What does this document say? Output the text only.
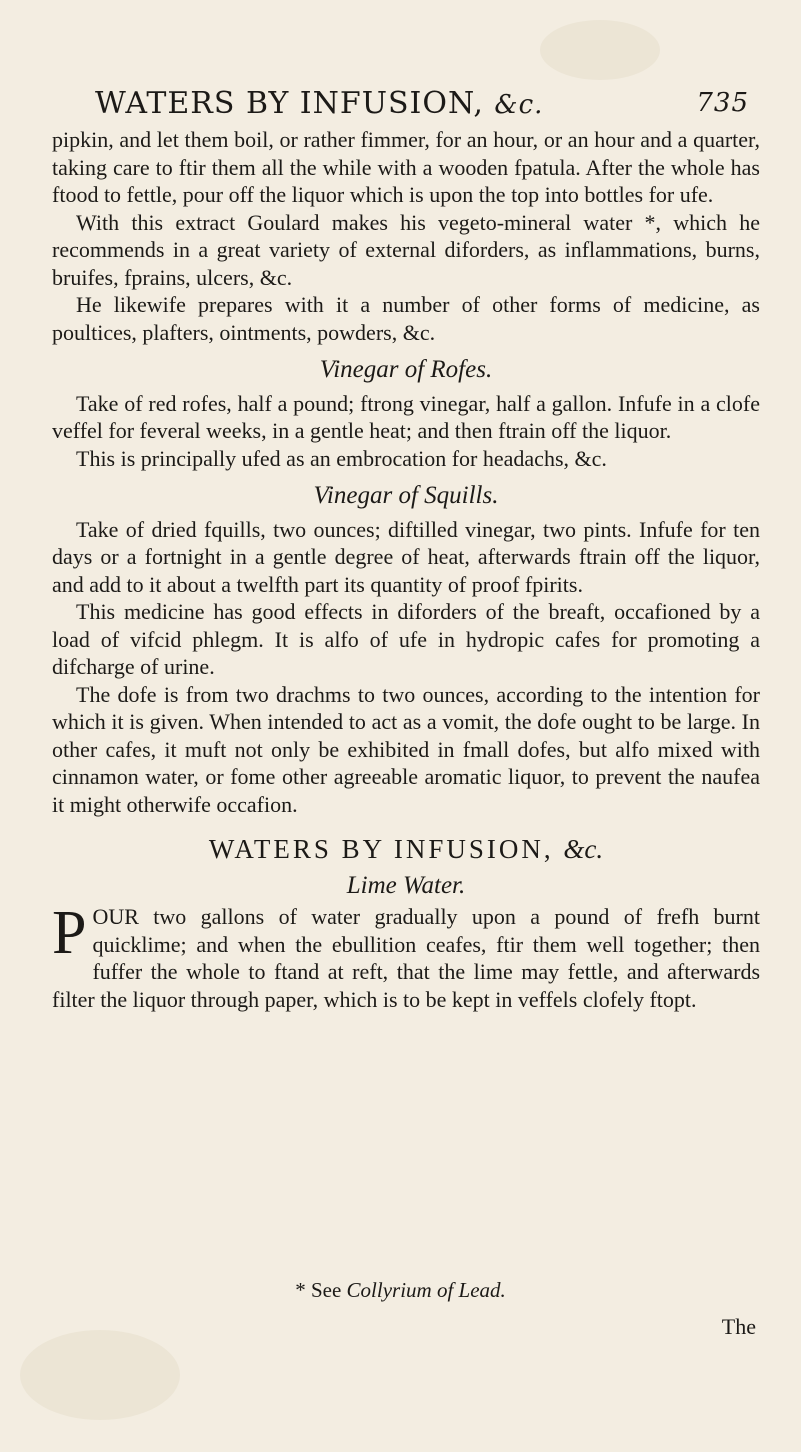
WATERS BY INFUSION, &c.	735

pipkin, and let them boil, or rather fimmer, for an hour, or an hour and a quarter, taking care to ftir them all the while with a wooden fpatula. After the whole has ftood to fettle, pour off the liquor which is upon the top into bottles for ufe.

With this extract Goulard makes his vegeto-mineral water *, which he recommends in a great variety of external diforders, as inflammations, burns, bruifes, fprains, ulcers, &c.

He likewife prepares with it a number of other forms of medicine, as poultices, plafters, ointments, powders, &c.

Vinegar of Rofes.

Take of red rofes, half a pound; ftrong vinegar, half a gallon. Infufe in a clofe veffel for feveral weeks, in a gentle heat; and then ftrain off the liquor.

This is principally ufed as an embrocation for headachs, &c.

Vinegar of Squills.

Take of dried fquills, two ounces; diftilled vinegar, two pints. Infufe for ten days or a fortnight in a gentle degree of heat, afterwards ftrain off the liquor, and add to it about a twelfth part its quantity of proof fpirits.

This medicine has good effects in diforders of the breaft, occafioned by a load of vifcid phlegm. It is alfo of ufe in hydropic cafes for promoting a difcharge of urine.

The dofe is from two drachms to two ounces, according to the intention for which it is given. When intended to act as a vomit, the dofe ought to be large. In other cafes, it muft not only be exhibited in fmall dofes, but alfo mixed with cinnamon water, or fome other agreeable aromatic liquor, to prevent the naufea it might otherwife occafion.

WATERS BY INFUSION, &c.
Lime Water.

POUR two gallons of water gradually upon a pound of frefh burnt quicklime; and when the ebullition ceafes, ftir them well together; then fuffer the whole to ftand at reft, that the lime may fettle, and afterwards filter the liquor through paper, which is to be kept in veffels clofely ftopt.

* See Collyrium of Lead.
The
